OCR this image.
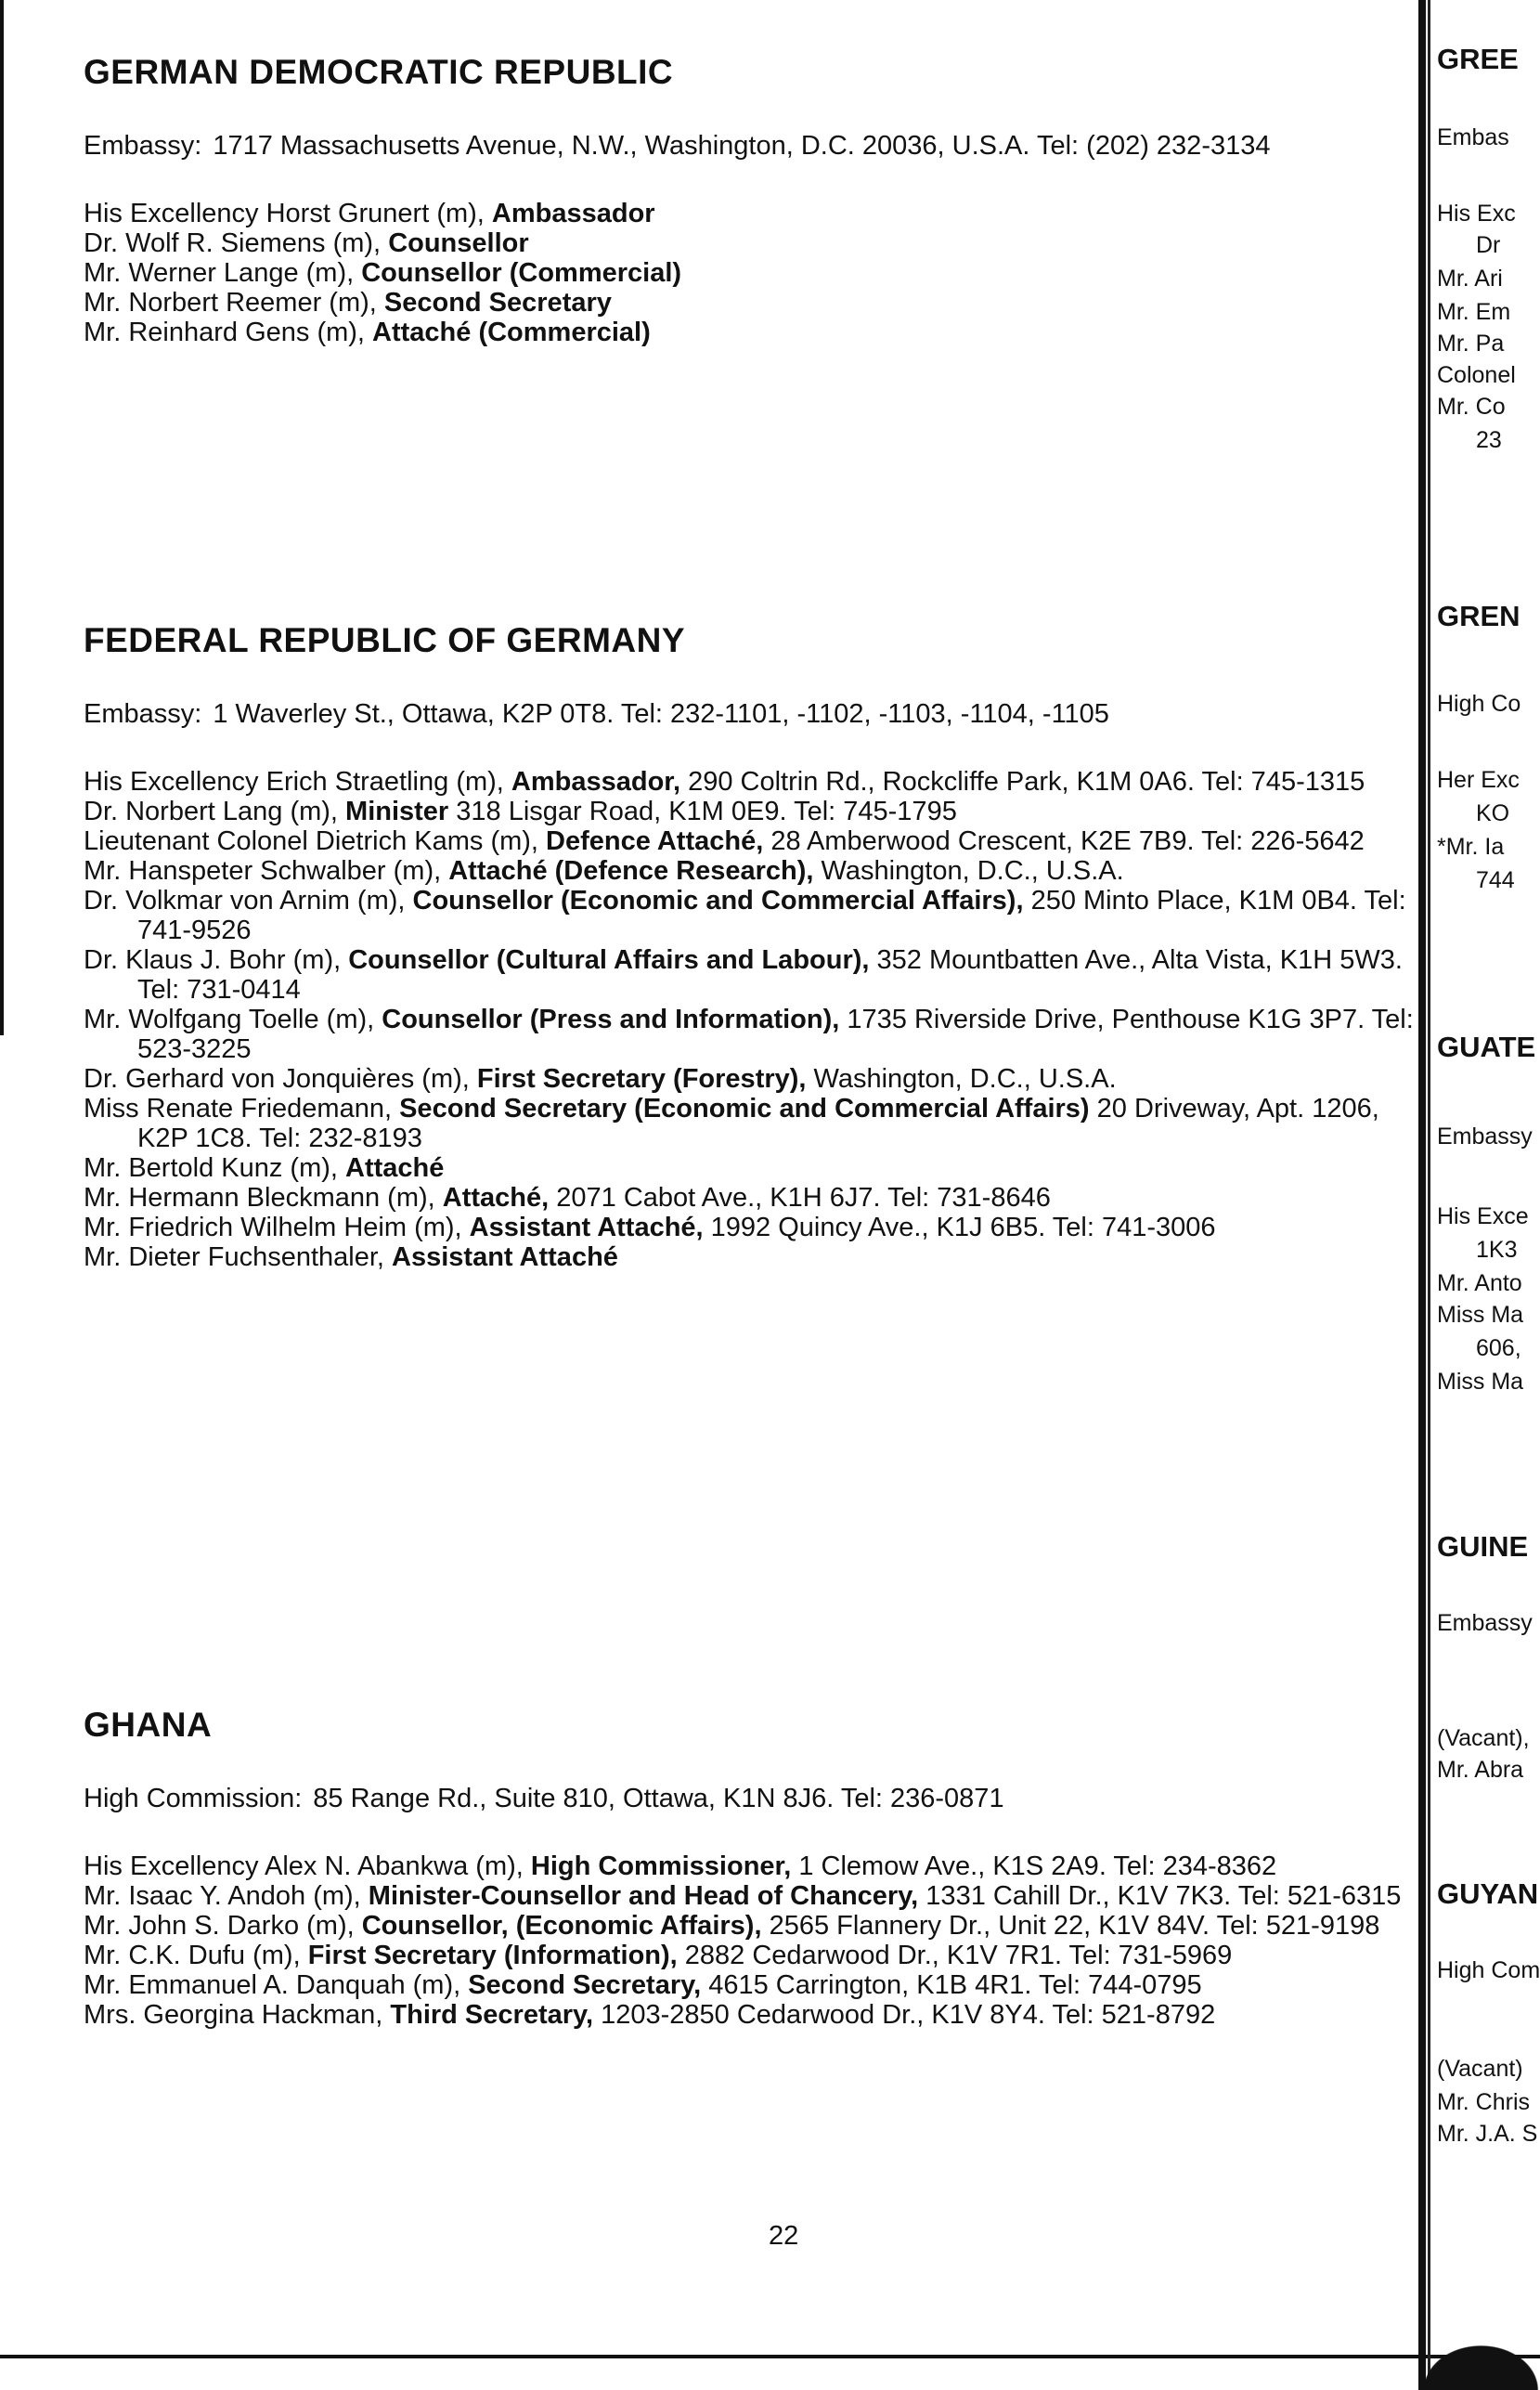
GERMAN DEMOCRATIC REPUBLIC
Embassy: 1717 Massachusetts Avenue, N.W., Washington, D.C. 20036, U.S.A. Tel: (202) 232-3134
His Excellency Horst Grunert (m), Ambassador
Dr. Wolf R. Siemens (m), Counsellor
Mr. Werner Lange (m), Counsellor (Commercial)
Mr. Norbert Reemer (m), Second Secretary
Mr. Reinhard Gens (m), Attaché (Commercial)
FEDERAL REPUBLIC OF GERMANY
Embassy: 1 Waverley St., Ottawa, K2P 0T8. Tel: 232-1101, -1102, -1103, -1104, -1105
His Excellency Erich Straetling (m), Ambassador, 290 Coltrin Rd., Rockcliffe Park, K1M 0A6. Tel: 745-1315
Dr. Norbert Lang (m), Minister 318 Lisgar Road, K1M 0E9. Tel: 745-1795
Lieutenant Colonel Dietrich Kams (m), Defence Attaché, 28 Amberwood Crescent, K2E 7B9. Tel: 226-5642
Mr. Hanspeter Schwalber (m), Attaché (Defence Research), Washington, D.C., U.S.A.
Dr. Volkmar von Arnim (m), Counsellor (Economic and Commercial Affairs), 250 Minto Place, K1M 0B4. Tel: 741-9526
Dr. Klaus J. Bohr (m), Counsellor (Cultural Affairs and Labour), 352 Mountbatten Ave., Alta Vista, K1H 5W3. Tel: 731-0414
Mr. Wolfgang Toelle (m), Counsellor (Press and Information), 1735 Riverside Drive, Penthouse K1G 3P7. Tel: 523-3225
Dr. Gerhard von Jonquières (m), First Secretary (Forestry), Washington, D.C., U.S.A.
Miss Renate Friedemann, Second Secretary (Economic and Commercial Affairs) 20 Driveway, Apt. 1206, K2P 1C8. Tel: 232-8193
Mr. Bertold Kunz (m), Attaché
Mr. Hermann Bleckmann (m), Attaché, 2071 Cabot Ave., K1H 6J7. Tel: 731-8646
Mr. Friedrich Wilhelm Heim (m), Assistant Attaché, 1992 Quincy Ave., K1J 6B5. Tel: 741-3006
Mr. Dieter Fuchsenthaler, Assistant Attaché
GHANA
High Commission: 85 Range Rd., Suite 810, Ottawa, K1N 8J6. Tel: 236-0871
His Excellency Alex N. Abankwa (m), High Commissioner, 1 Clemow Ave., K1S 2A9. Tel: 234-8362
Mr. Isaac Y. Andoh (m), Minister-Counsellor and Head of Chancery, 1331 Cahill Dr., K1V 7K3. Tel: 521-6315
Mr. John S. Darko (m), Counsellor, (Economic Affairs), 2565 Flannery Dr., Unit 22, K1V 84V. Tel: 521-9198
Mr. C.K. Dufu (m), First Secretary (Information), 2882 Cedarwood Dr., K1V 7R1. Tel: 731-5969
Mr. Emmanuel A. Danquah (m), Second Secretary, 4615 Carrington, K1B 4R1. Tel: 744-0795
Mrs. Georgina Hackman, Third Secretary, 1203-2850 Cedarwood Dr., K1V 8Y4. Tel: 521-8792
22
GREE
Embas
His Exc
Dr
Mr. Ari
Mr. Em
Mr. Pa
Colonel
Mr. Co
23
GREN
High Co
Her Exc
KO
*Mr. Ia
744
GUATE
Embassy
His Exce
1K3
Mr. Anto
Miss Ma
606,
Miss Ma
GUINE
Embassy
(Vacant),
Mr. Abra
GUYAN
High Com
(Vacant)
Mr. Chris
Mr. J.A. S
